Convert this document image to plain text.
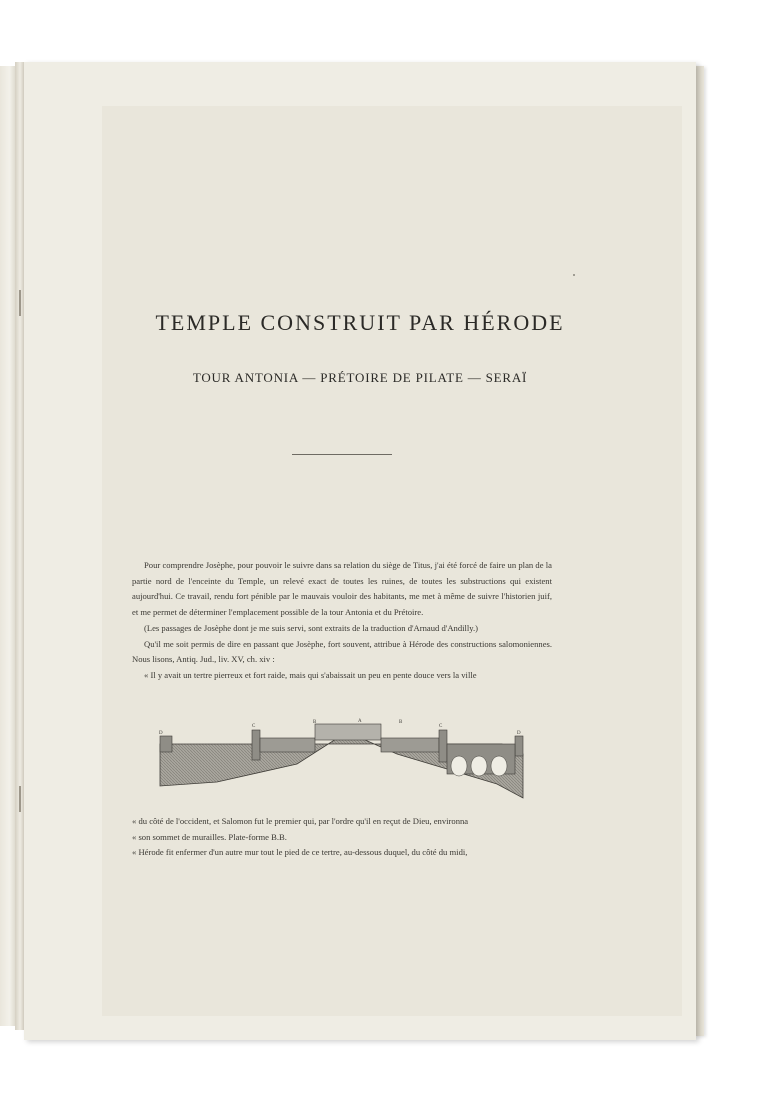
TEMPLE CONSTRUIT PAR HÉRODE
TOUR ANTONIA — PRÉTOIRE DE PILATE — SERAÏ

Pour comprendre Josèphe, pour pouvoir le suivre dans sa relation du siège de Titus, j'ai été forcé de faire un plan de la partie nord de l'enceinte du Temple, un relevé exact de toutes les ruines, de toutes les substructions qui existent aujourd'hui. Ce travail, rendu fort pénible par le mauvais vouloir des habitants, me met à même de suivre l'historien juif, et me permet de déterminer l'emplacement possible de la tour Antonia et du Prétoire.

(Les passages de Josèphe dont je me suis servi, sont extraits de la traduction d'Arnaud d'Andilly.)

Qu'il me soit permis de dire en passant que Josèphe, fort souvent, attribue à Hérode des constructions salomoniennes. Nous lisons, Antiq. Jud., liv. XV, ch. xiv :

« Il y avait un tertre pierreux et fort raide, mais qui s'abaissait un peu en pente douce vers la ville

D
C
B	A	B
C
D

« du côté de l'occident, et Salomon fut le premier qui, par l'ordre qu'il en reçut de Dieu, environna

« son sommet de murailles. Plate-forme B.B.

« Hérode fit enfermer d'un autre mur tout le pied de ce tertre, au-dessous duquel, du côté du midi,
